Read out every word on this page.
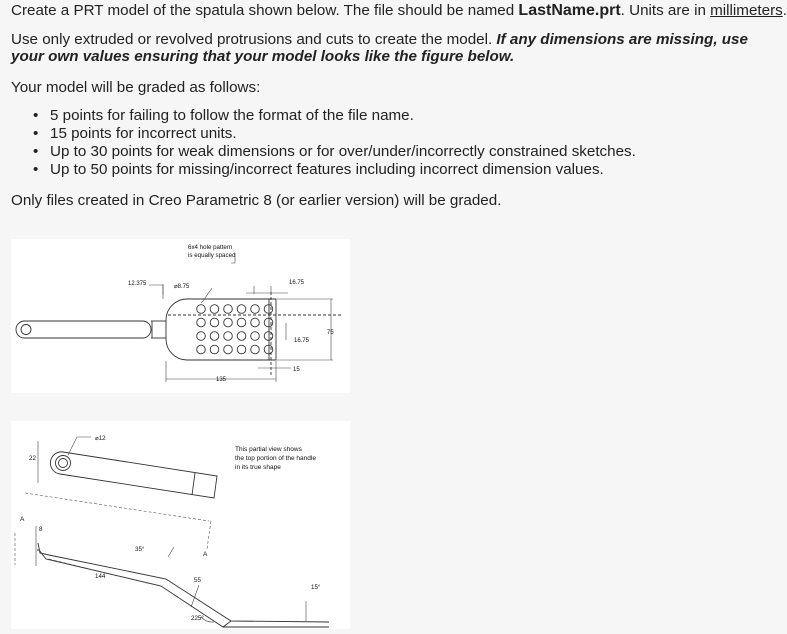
Create a PRT model of the spatula shown below. The file should be named LastName.prt. Units are in millimeters.

Use only extruded or revolved protrusions and cuts to create the model. If any dimensions are missing, use

your own values ensuring that your model looks like the figure below.

Your model will be graded as follows:

• 5 points for failing to follow the format of the file name.
• 15 points for incorrect units.
• Up to 30 points for weak dimensions or for over/under/incorrectly constrained sketches.
• Up to 50 points for missing/incorrect features including incorrect dimension values.

Only files created in Creo Parametric 8 (or earlier version) will be graded.

6x4 hole pattern
is equally spaced
12.375	⌀8.75
16.75
75
16.75
15
135
⌀12
22
This partial view shows
the top portion of the handle
in its true shape
A
8
35°
A
144
55
15°
225°
